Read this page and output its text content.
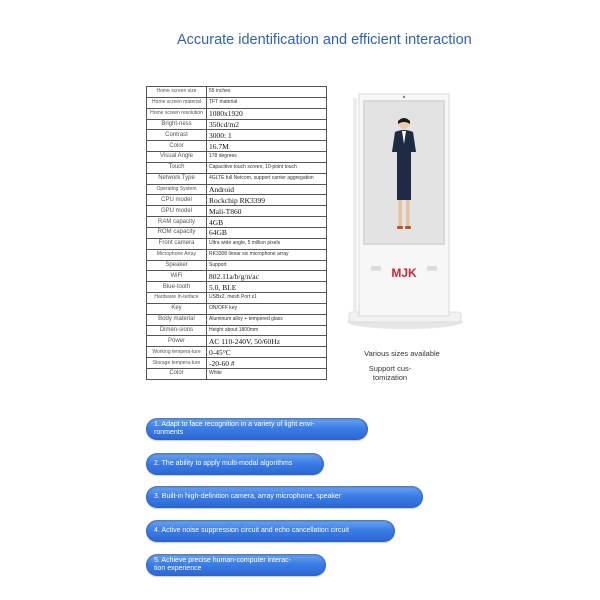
Accurate identification and efficient interaction
Home screen size	55 inches
Home screen material	TFT material
Home screen resolution	1080x1920
Bright-ness	350cd/m2
Contrast	3000: 1
Color	16.7M
Visual Angle	178 degrees
Touch	Capacitive touch screen, 10-point touch
Network Type	4GLTE full Netcom, support carrier aggregation
Operating System	Android
CPU model	Rockchip RK3399
GPU model	Mali-T860
RAM capacity	4GB
ROM capacity	64GB
Front camera	Ultra wide angle, 5 million pixels
Microphone Array	RK3308 linear six microphone array
Speaker	Support
WiFi	802.11a/b/g/n/ac
Blue-tooth	5.0, BLE
Hardware In-terface	USBx2, mesh Port x1
Key	ON/OFF key
Body material	Aluminum alloy + tempered glass
Dimen-sions	Height about 1800mm
Power	AC 110-240V, 50/60Hz
Working tempera-ture	0-45°C
Storage tempera-ture	-20-60 #
Color	White
MJK
Various sizes available
Support cus-
tomization
1. Adapt to face recognition in a variety of light envi-
ronments
2. The ability to apply multi-modal algorithms
3. Built-in high-definition camera, array microphone, speaker
4. Active noise suppression circuit and echo cancellation circuit
5. Achieve precise human-computer interac-
tion experience
